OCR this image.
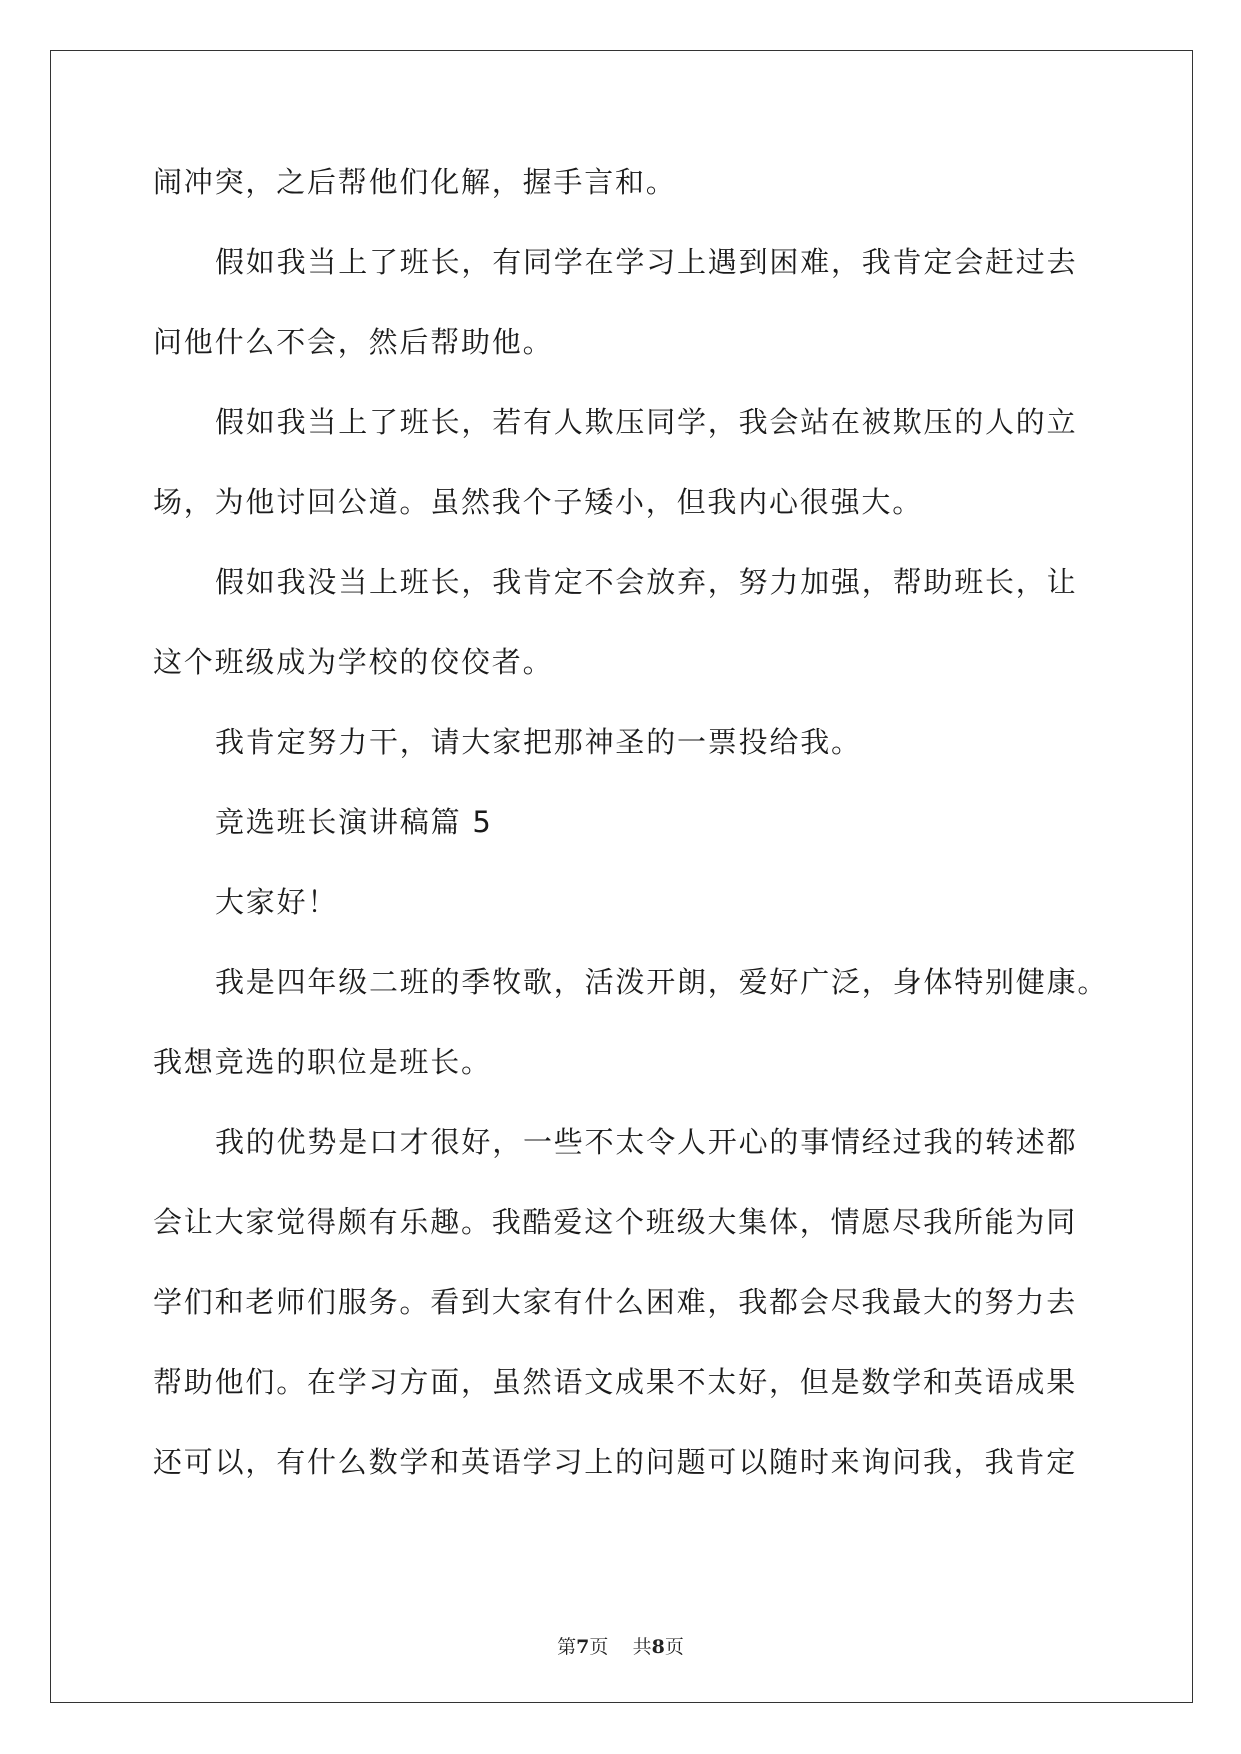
闹冲突，之后帮他们化解，握手言和。

假如我当上了班长，有同学在学习上遇到困难，我肯定会赶过去

问他什么不会，然后帮助他。

假如我当上了班长，若有人欺压同学，我会站在被欺压的人的立

场，为他讨回公道。虽然我个子矮小，但我内心很强大。

假如我没当上班长，我肯定不会放弃，努力加强，帮助班长，让

这个班级成为学校的佼佼者。

我肯定努力干，请大家把那神圣的一票投给我。

竞选班长演讲稿篇 5

大家好！

我是四年级二班的季牧歌，活泼开朗，爱好广泛，身体特别健康。

我想竞选的职位是班长。

我的优势是口才很好，一些不太令人开心的事情经过我的转述都

会让大家觉得颇有乐趣。我酷爱这个班级大集体，情愿尽我所能为同

学们和老师们服务。看到大家有什么困难，我都会尽我最大的努力去

帮助他们。在学习方面，虽然语文成果不太好，但是数学和英语成果

还可以，有什么数学和英语学习上的问题可以随时来询问我，我肯定

第7页 共8页
